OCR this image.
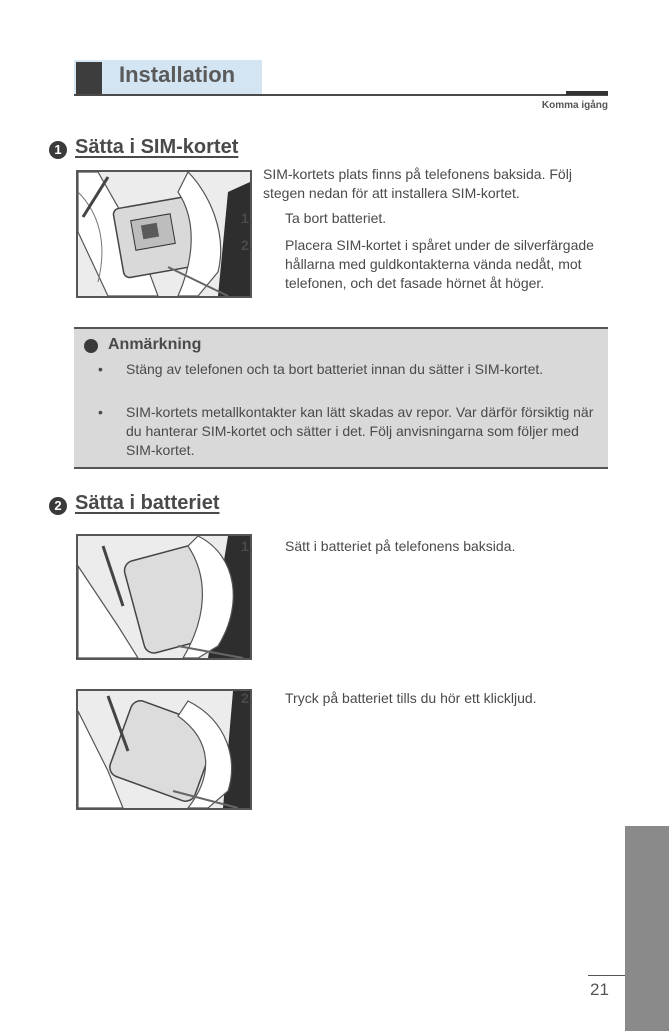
Installation
Komma igång
1 Sätta i SIM-kortet
SIM-kortets plats finns på telefonens baksida. Följ stegen nedan för att installera SIM-kortet.
1. Ta bort batteriet.
2. Placera SIM-kortet i spåret under de silverfärgade hållarna med guldkontakterna vända nedåt, mot telefonen, och det fasade hörnet åt höger.
Anmärkning
• Stäng av telefonen och ta bort batteriet innan du sätter i SIM-kortet.
• SIM-kortets metallkontakter kan lätt skadas av repor. Var därför försiktig när du hanterar SIM-kortet och sätter i det. Följ anvisningarna som följer med SIM-kortet.
2 Sätta i batteriet
1. Sätt i batteriet på telefonens baksida.
2. Tryck på batteriet tills du hör ett klickljud.
21
